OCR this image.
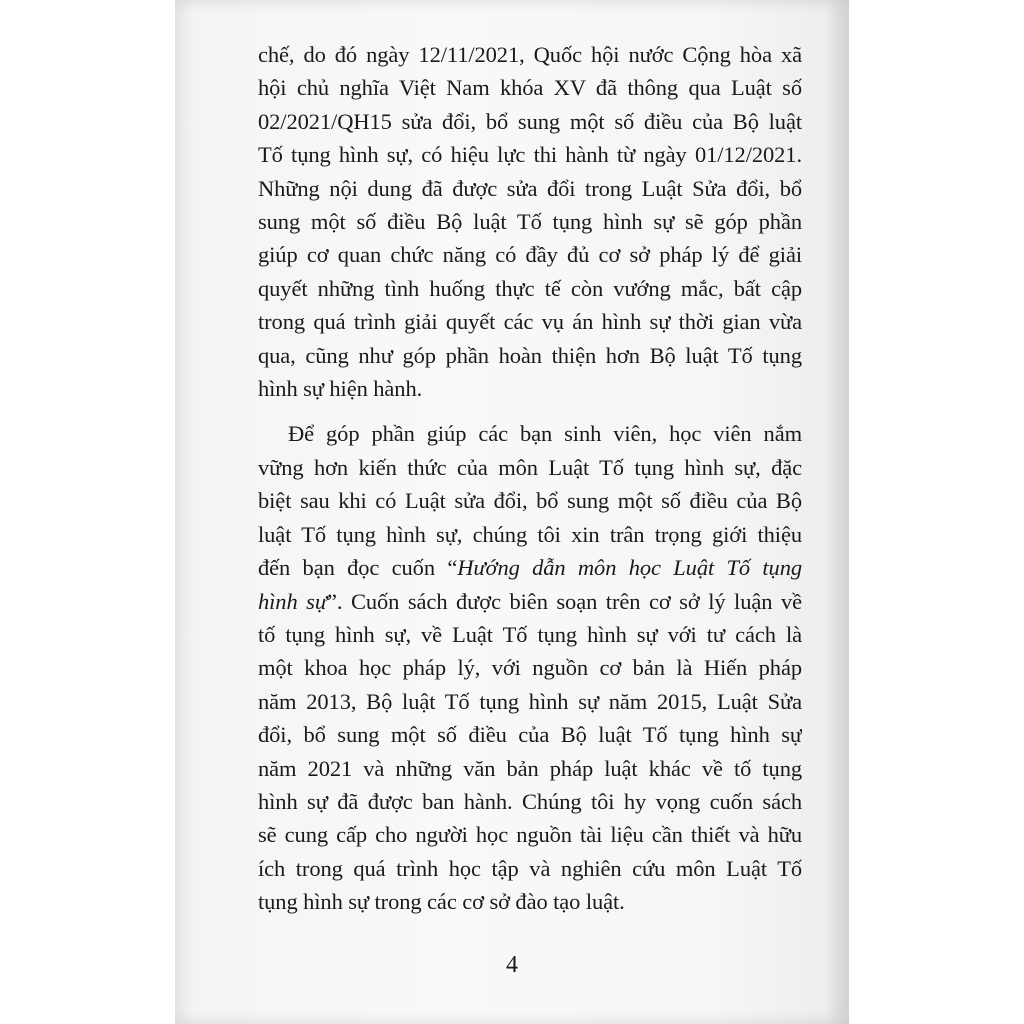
chế, do đó ngày 12/11/2021, Quốc hội nước Cộng hòa xã
hội chủ nghĩa Việt Nam khóa XV đã thông qua Luật số
02/2021/QH15 sửa đổi, bổ sung một số điều của Bộ luật
Tố tụng hình sự, có hiệu lực thi hành từ ngày 01/12/2021.
Những nội dung đã được sửa đổi trong Luật Sửa đổi, bổ
sung một số điều Bộ luật Tố tụng hình sự sẽ góp phần
giúp cơ quan chức năng có đầy đủ cơ sở pháp lý để giải
quyết những tình huống thực tế còn vướng mắc, bất cập
trong quá trình giải quyết các vụ án hình sự thời gian vừa
qua, cũng như góp phần hoàn thiện hơn Bộ luật Tố tụng
hình sự hiện hành.

Để góp phần giúp các bạn sinh viên, học viên nắm
vững hơn kiến thức của môn Luật Tố tụng hình sự, đặc
biệt sau khi có Luật sửa đổi, bổ sung một số điều của Bộ
luật Tố tụng hình sự, chúng tôi xin trân trọng giới thiệu
đến bạn đọc cuốn “Hướng dẫn môn học Luật Tố tụng
hình sự”. Cuốn sách được biên soạn trên cơ sở lý luận về
tố tụng hình sự, về Luật Tố tụng hình sự với tư cách là
một khoa học pháp lý, với nguồn cơ bản là Hiến pháp
năm 2013, Bộ luật Tố tụng hình sự năm 2015, Luật Sửa
đổi, bổ sung một số điều của Bộ luật Tố tụng hình sự
năm 2021 và những văn bản pháp luật khác về tố tụng
hình sự đã được ban hành. Chúng tôi hy vọng cuốn sách
sẽ cung cấp cho người học nguồn tài liệu cần thiết và hữu
ích trong quá trình học tập và nghiên cứu môn Luật Tố
tụng hình sự trong các cơ sở đào tạo luật.

4
